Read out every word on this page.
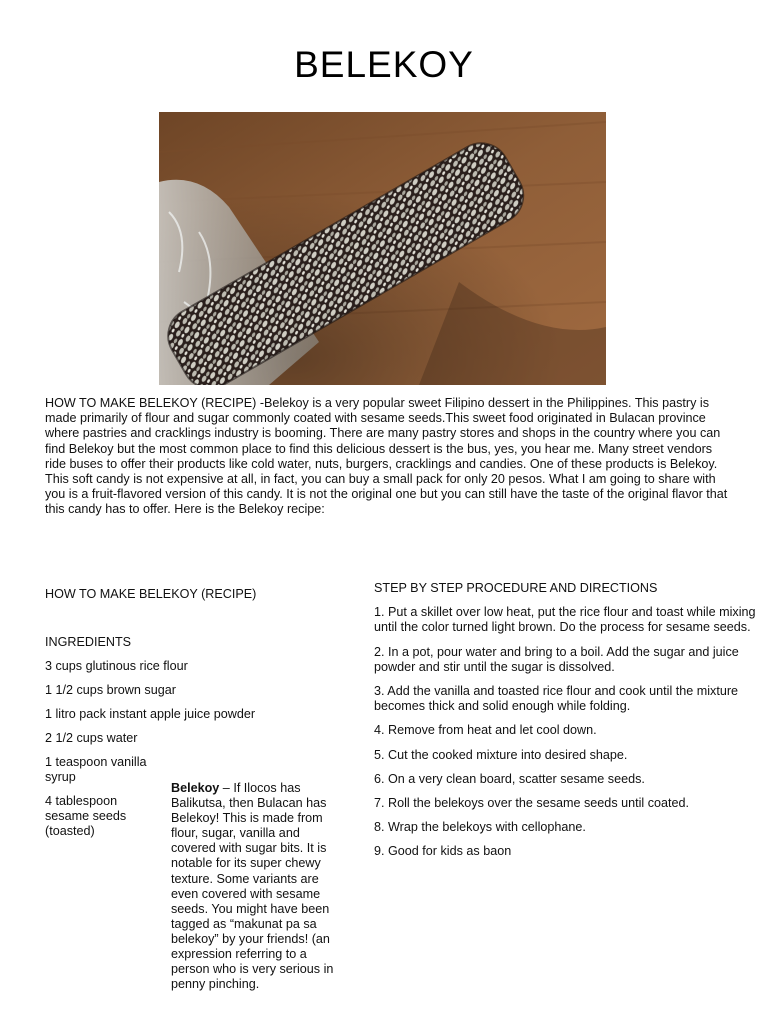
BELEKOY
HOW TO MAKE BELEKOY (RECIPE) -Belekoy is a very popular sweet Filipino dessert in the Philippines. This pastry is made primarily of flour and sugar commonly coated with sesame seeds.This sweet food originated in Bulacan province where pastries and cracklings industry is booming. There are many pastry stores and shops in the country where you can find Belekoy but the most common place to find this delicious dessert is the bus, yes, you hear me. Many street vendors ride buses to offer their products like cold water, nuts, burgers, cracklings and candies. One of these products is Belekoy. This soft candy is not expensive at all, in fact, you can buy a small pack for only 20 pesos. What I am going to share with you is a fruit-flavored version of this candy. It is not the original one but you can still have the taste of the original flavor that this candy has to offer. Here is the Belekoy recipe:
HOW TO MAKE BELEKOY (RECIPE)
INGREDIENTS
3 cups glutinous rice flour
1 1/2 cups brown sugar
1 litro pack instant apple juice powder
2 1/2 cups water
1 teaspoon vanilla syrup
4 tablespoon sesame seeds (toasted)
Belekoy – If Ilocos has Balikutsa, then Bulacan has Belekoy! This is made from flour, sugar, vanilla and covered with sugar bits. It is notable for its super chewy texture. Some variants are even covered with sesame seeds. You might have been tagged as “makunat pa sa belekoy” by your friends! (an expression referring to a person who is very serious in penny pinching.
STEP BY STEP PROCEDURE AND DIRECTIONS
1. Put a skillet over low heat, put the rice flour and toast while mixing until the color turned light brown. Do the process for sesame seeds.
2. In a pot, pour water and bring to a boil. Add the sugar and juice powder and stir until the sugar is dissolved.
3. Add the vanilla and toasted rice flour and cook until the mixture becomes thick and solid enough while folding.
4. Remove from heat and let cool down.
5. Cut the cooked mixture into desired shape.
6. On a very clean board, scatter sesame seeds.
7. Roll the belekoys over the sesame seeds until coated.
8. Wrap the belekoys with cellophane.
9. Good for kids as baon
